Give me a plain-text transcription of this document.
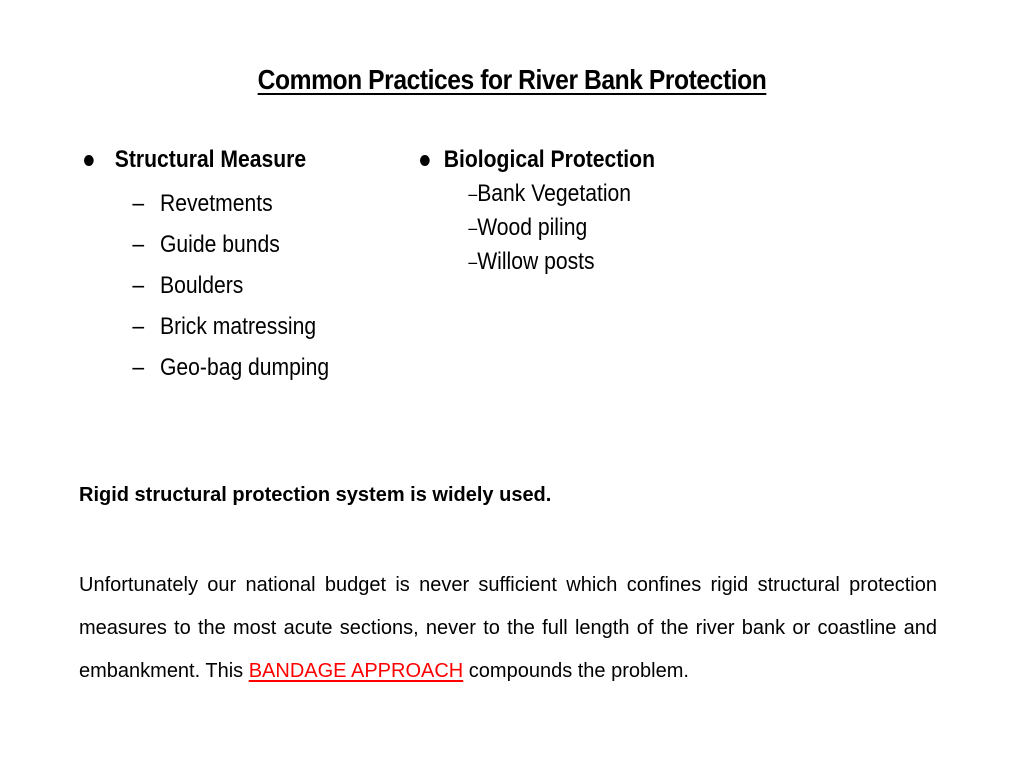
Common Practices for River Bank Protection
Structural Measure
– Revetments
– Guide bunds
– Boulders
– Brick matressing
– Geo-bag dumping
Biological Protection
– Bank Vegetation
– Wood piling
– Willow posts
Rigid structural protection system is widely used.
Unfortunately our national budget is never sufficient which confines rigid structural protection measures to the most acute sections, never to the full length of the river bank or coastline and embankment. This BANDAGE APPROACH compounds the problem.
